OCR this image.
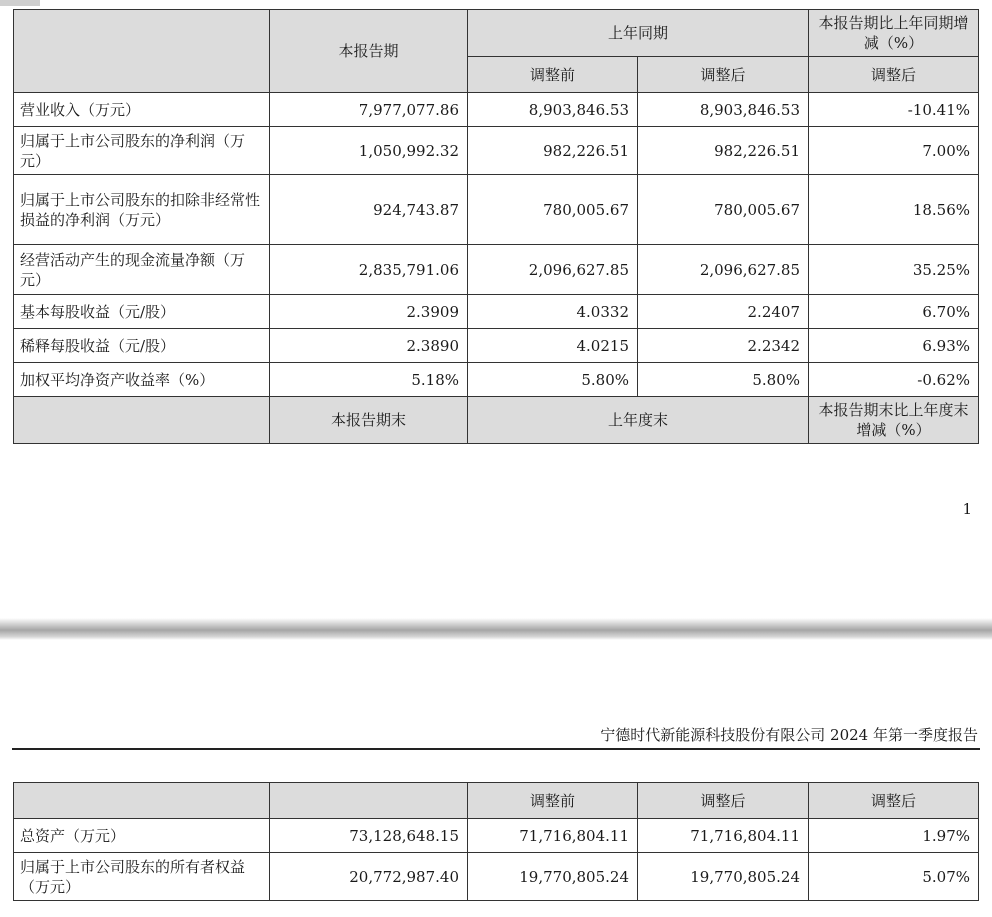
	本报告期	上年同期		本报告期比上年同期增减（%）
		调整前	调整后	调整后
营业收入（万元）	7,977,077.86	8,903,846.53	8,903,846.53	-10.41%
归属于上市公司股东的净利润（万元）	1,050,992.32	982,226.51	982,226.51	7.00%
归属于上市公司股东的扣除非经常性损益的净利润（万元）	924,743.87	780,005.67	780,005.67	18.56%
经营活动产生的现金流量净额（万元）	2,835,791.06	2,096,627.85	2,096,627.85	35.25%
基本每股收益（元/股）	2.3909	4.0332	2.2407	6.70%
稀释每股收益（元/股）	2.3890	4.0215	2.2342	6.93%
加权平均净资产收益率（%）	5.18%	5.80%	5.80%	-0.62%
	本报告期末	上年度末		本报告期末比上年度末增减（%）
1
宁德时代新能源科技股份有限公司 2024 年第一季度报告
		调整前	调整后	调整后
总资产（万元）	73,128,648.15	71,716,804.11	71,716,804.11	1.97%
归属于上市公司股东的所有者权益（万元）	20,772,987.40	19,770,805.24	19,770,805.24	5.07%
